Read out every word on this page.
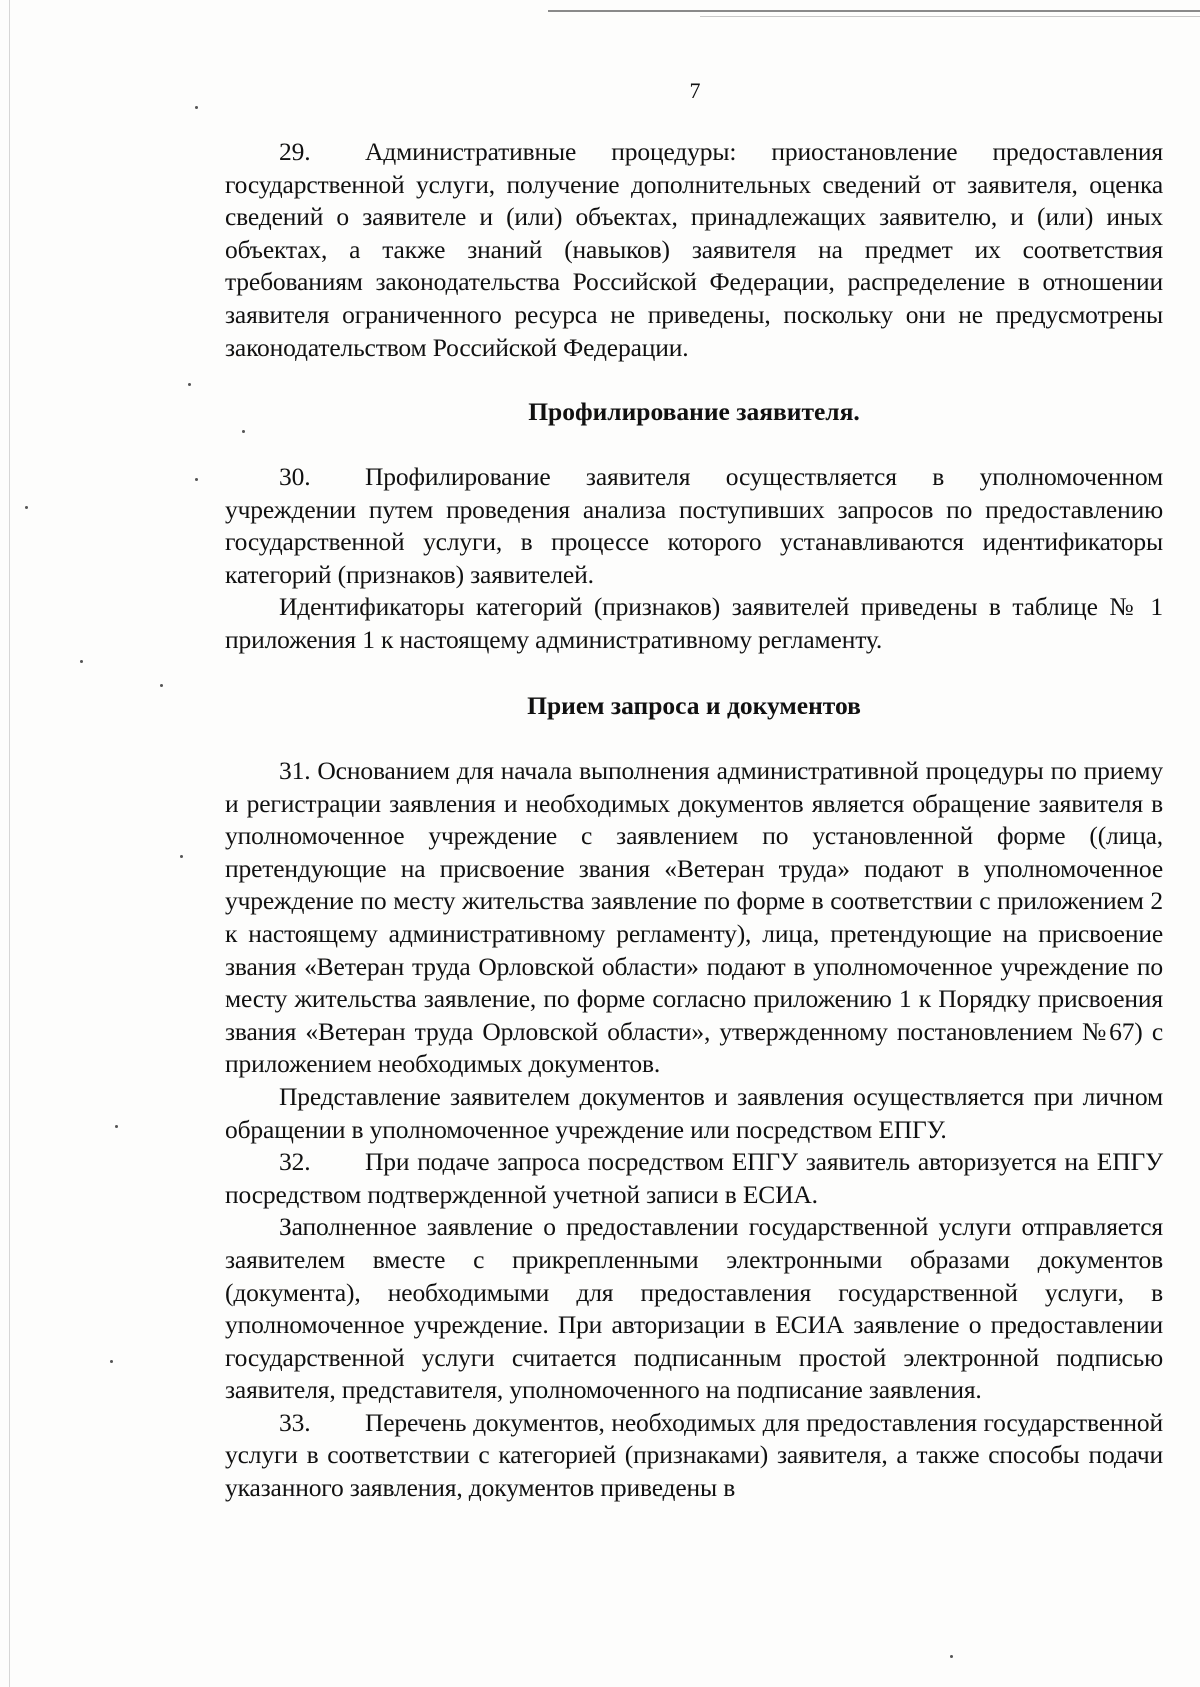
7

29. Административные процедуры: приостановление предоставления государственной услуги, получение дополнительных сведений от заявителя, оценка сведений о заявителе и (или) объектах, принадлежащих заявителю, и (или) иных объектах, а также знаний (навыков) заявителя на предмет их соответствия требованиям законодательства Российской Федерации, распределение в отношении заявителя ограниченного ресурса не приведены, поскольку они не предусмотрены законодательством Российской Федерации.

Профилирование заявителя.

30. Профилирование заявителя осуществляется в уполномоченном учреждении путем проведения анализа поступивших запросов по предоставлению государственной услуги, в процессе которого устанавливаются идентификаторы категорий (признаков) заявителей.

Идентификаторы категорий (признаков) заявителей приведены в таблице № 1 приложения 1 к настоящему административному регламенту.

Прием запроса и документов

31. Основанием для начала выполнения административной процедуры по приему и регистрации заявления и необходимых документов является обращение заявителя в уполномоченное учреждение с заявлением по установленной форме ((лица, претендующие на присвоение звания «Ветеран труда» подают в уполномоченное учреждение по месту жительства заявление по форме в соответствии с приложением 2 к настоящему административному регламенту), лица, претендующие на присвоение звания «Ветеран труда Орловской области» подают в уполномоченное учреждение по месту жительства заявление, по форме согласно приложению 1 к Порядку присвоения звания «Ветеран труда Орловской области», утвержденному постановлением №67) с приложением необходимых документов.

Представление заявителем документов и заявления осуществляется при личном обращении в уполномоченное учреждение или посредством ЕПГУ.

32. При подаче запроса посредством ЕПГУ заявитель авторизуется на ЕПГУ посредством подтвержденной учетной записи в ЕСИА.

Заполненное заявление о предоставлении государственной услуги отправляется заявителем вместе с прикрепленными электронными образами документов (документа), необходимыми для предоставления государственной услуги, в уполномоченное учреждение. При авторизации в ЕСИА заявление о предоставлении государственной услуги считается подписанным простой электронной подписью заявителя, представителя, уполномоченного на подписание заявления.

33. Перечень документов, необходимых для предоставления государственной услуги в соответствии с категорией (признаками) заявителя, а также способы подачи указанного заявления, документов приведены в
